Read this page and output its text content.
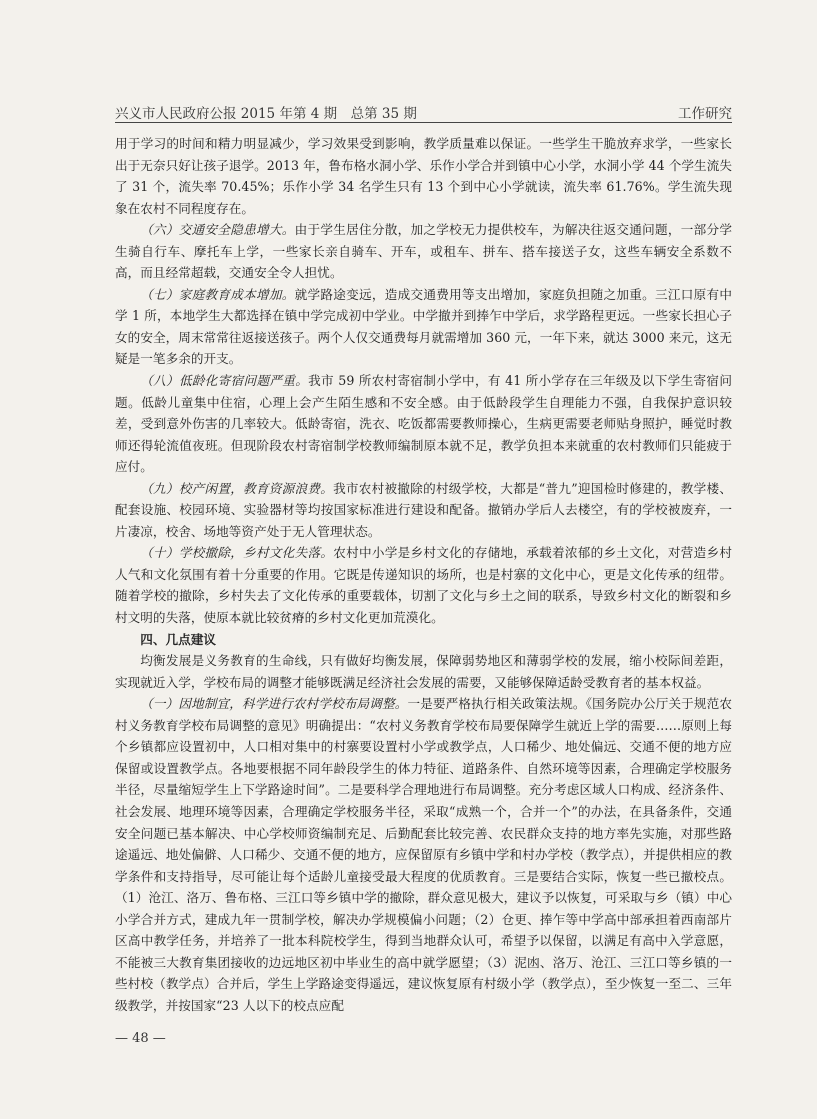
兴义市人民政府公报 2015 年第 4 期　总第 35 期	工作研究

用于学习的时间和精力明显减少，学习效果受到影响，教学质量难以保证。一些学生干脆放弃求学，一些家长出于无奈只好让孩子退学。2013 年，鲁布格水洞小学、乐作小学合并到镇中心小学，水洞小学 44 个学生流失了 31 个，流失率 70.45%；乐作小学 34 名学生只有 13 个到中心小学就读，流失率 61.76%。学生流失现象在农村不同程度存在。

（六）交通安全隐患增大。由于学生居住分散，加之学校无力提供校车，为解决往返交通问题，一部分学生骑自行车、摩托车上学，一些家长亲自骑车、开车，或租车、拼车、搭车接送子女，这些车辆安全系数不高，而且经常超载，交通安全令人担忧。

（七）家庭教育成本增加。就学路途变远，造成交通费用等支出增加，家庭负担随之加重。三江口原有中学 1 所，本地学生大都选择在镇中学完成初中学业。中学撤并到捧乍中学后，求学路程更远。一些家长担心子女的安全，周末常常往返接送孩子。两个人仅交通费每月就需增加 360 元，一年下来，就达 3000 来元，这无疑是一笔多余的开支。

（八）低龄化寄宿问题严重。我市 59 所农村寄宿制小学中，有 41 所小学存在三年级及以下学生寄宿问题。低龄儿童集中住宿，心理上会产生陌生感和不安全感。由于低龄段学生自理能力不强，自我保护意识较差，受到意外伤害的几率较大。低龄寄宿，洗衣、吃饭都需要教师操心，生病更需要老师贴身照护，睡觉时教师还得轮流值夜班。但现阶段农村寄宿制学校教师编制原本就不足，教学负担本来就重的农村教师们只能疲于应付。

（九）校产闲置，教育资源浪费。我市农村被撤除的村级学校，大都是“普九”迎国检时修建的，教学楼、配套设施、校园环境、实验器材等均按国家标准进行建设和配备。撤销办学后人去楼空，有的学校被废弃，一片凄凉，校舍、场地等资产处于无人管理状态。

（十）学校撤除，乡村文化失落。农村中小学是乡村文化的存储地，承载着浓郁的乡土文化，对营造乡村人气和文化氛围有着十分重要的作用。它既是传递知识的场所，也是村寨的文化中心，更是文化传承的纽带。随着学校的撤除，乡村失去了文化传承的重要载体，切割了文化与乡土之间的联系，导致乡村文化的断裂和乡村文明的失落，使原本就比较贫瘠的乡村文化更加荒漠化。

四、几点建议

均衡发展是义务教育的生命线，只有做好均衡发展，保障弱势地区和薄弱学校的发展，缩小校际间差距，实现就近入学，学校布局的调整才能够既满足经济社会发展的需要，又能够保障适龄受教育者的基本权益。

（一）因地制宜，科学进行农村学校布局调整。一是要严格执行相关政策法规。《国务院办公厅关于规范农村义务教育学校布局调整的意见》明确提出：“农村义务教育学校布局要保障学生就近上学的需要……原则上每个乡镇都应设置初中，人口相对集中的村寨要设置村小学或教学点，人口稀少、地处偏远、交通不便的地方应保留或设置教学点。各地要根据不同年龄段学生的体力特征、道路条件、自然环境等因素，合理确定学校服务半径，尽量缩短学生上下学路途时间”。二是要科学合理地进行布局调整。充分考虑区域人口构成、经济条件、社会发展、地理环境等因素，合理确定学校服务半径，采取“成熟一个，合并一个”的办法，在具备条件，交通安全问题已基本解决、中心学校师资编制充足、后勤配套比较完善、农民群众支持的地方率先实施，对那些路途遥远、地处偏僻、人口稀少、交通不便的地方，应保留原有乡镇中学和村办学校（教学点），并提供相应的教学条件和支持指导，尽可能让每个适龄儿童接受最大程度的优质教育。三是要结合实际，恢复一些已撤校点。（1）沧江、洛万、鲁布格、三江口等乡镇中学的撤除，群众意见极大，建议予以恢复，可采取与乡（镇）中心小学合并方式，建成九年一贯制学校，解决办学规模偏小问题；（2）仓更、捧乍等中学高中部承担着西南部片区高中教学任务，并培养了一批本科院校学生，得到当地群众认可，希望予以保留，以满足有高中入学意愿，不能被三大教育集团接收的边远地区初中毕业生的高中就学愿望；（3）泥凼、洛万、沧江、三江口等乡镇的一些村校（教学点）合并后，学生上学路途变得遥远，建议恢复原有村级小学（教学点），至少恢复一至二、三年级教学，并按国家“23 人以下的校点应配

— 48 —
